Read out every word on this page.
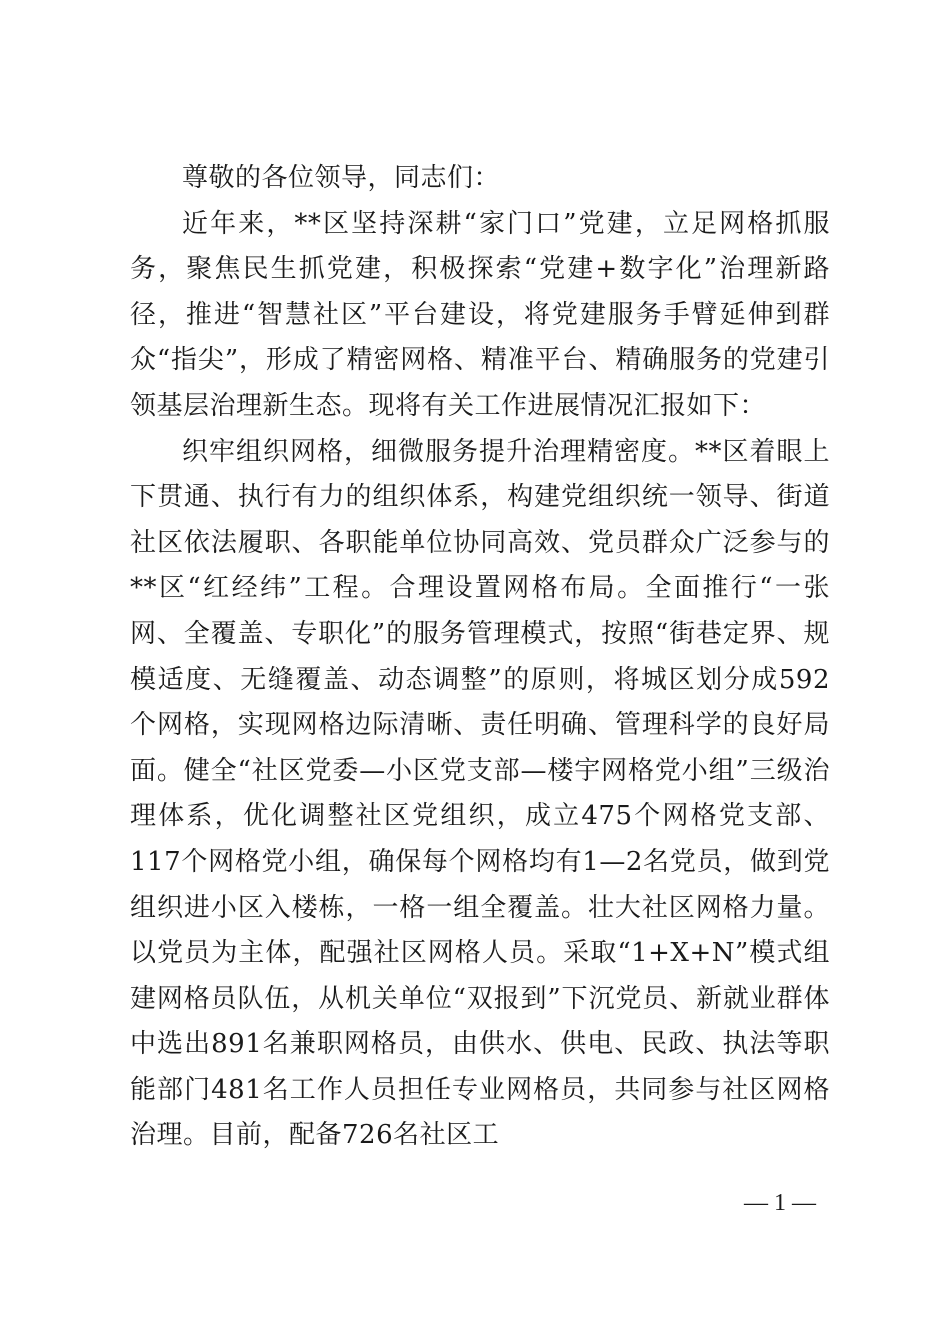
尊敬的各位领导，同志们：

近年来，**区坚持深耕“家门口”党建，立足网格抓服务，聚焦民生抓党建，积极探索“党建+数字化”治理新路径，推进“智慧社区”平台建设，将党建服务手臂延伸到群众“指尖”，形成了精密网格、精准平台、精确服务的党建引领基层治理新生态。现将有关工作进展情况汇报如下：

织牢组织网格，细微服务提升治理精密度。**区着眼上下贯通、执行有力的组织体系，构建党组织统一领导、街道社区依法履职、各职能单位协同高效、党员群众广泛参与的**区“红经纬”工程。合理设置网格布局。全面推行“一张网、全覆盖、专职化”的服务管理模式，按照“街巷定界、规模适度、无缝覆盖、动态调整”的原则，将城区划分成592个网格，实现网格边际清晰、责任明确、管理科学的良好局面。健全“社区党委—小区党支部—楼宇网格党小组”三级治理体系，优化调整社区党组织，成立475个网格党支部、117个网格党小组，确保每个网格均有1—2名党员，做到党组织进小区入楼栋，一格一组全覆盖。壮大社区网格力量。以党员为主体，配强社区网格人员。采取“1+X+N”模式组建网格员队伍，从机关单位“双报到”下沉党员、新就业群体中选出891名兼职网格员，由供水、供电、民政、执法等职能部门481名工作人员担任专业网格员，共同参与社区网格治理。目前，配备726名社区工

— 1 —
